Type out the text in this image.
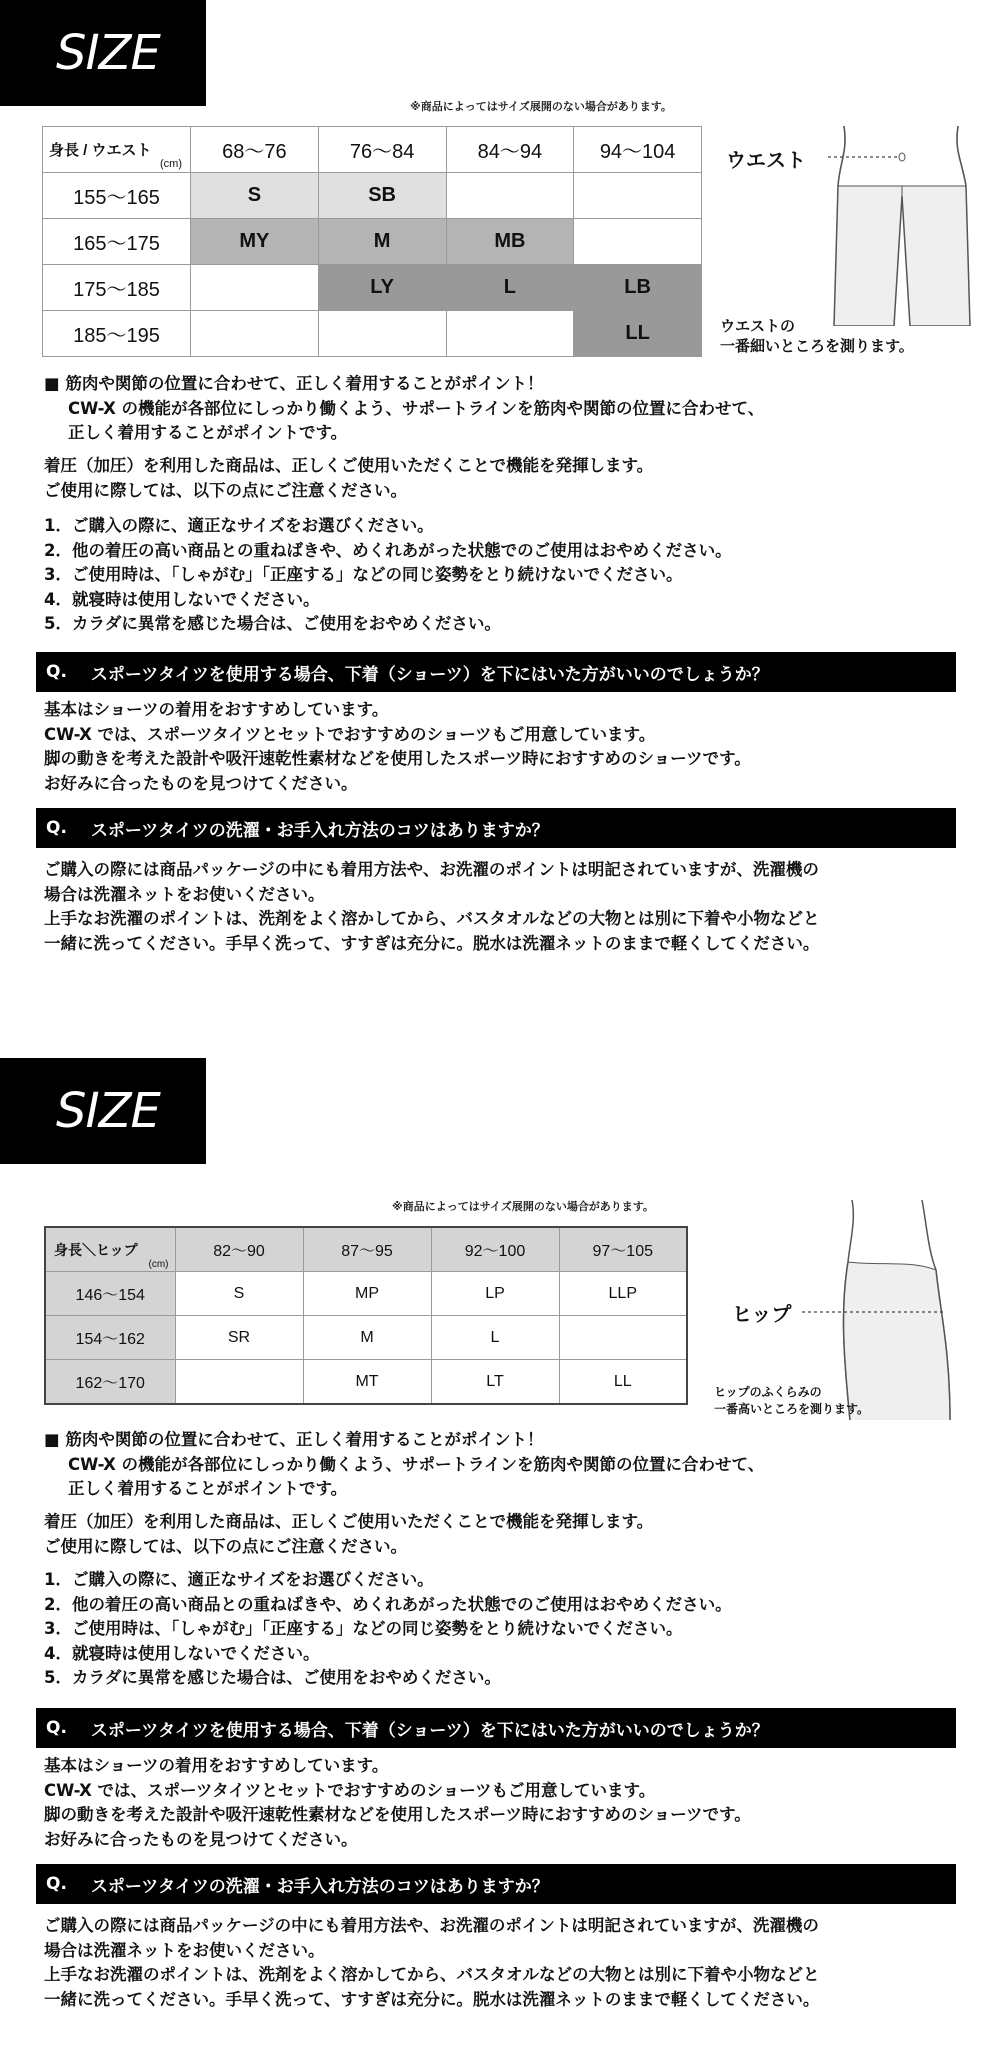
SIZE
※商品によってはサイズ展開のない場合があります。
身長 / ウエスト
(cm)	68〜76	76〜84	84〜94	94〜104
155〜165	S	SB		
165〜175	MY	M	MB	
175〜185		LY	L	LB
185〜195				LL
ウエスト
ウエストの
一番細いところを測ります。
■ 筋肉や関節の位置に合わせて、正しく着用することがポイント！
CW-X の機能が各部位にしっかり働くよう、サポートラインを筋肉や関節の位置に合わせて、
正しく着用することがポイントです。
着圧（加圧）を利用した商品は、正しくご使用いただくことで機能を発揮します。
ご使用に際しては、以下の点にご注意ください。
1．ご購入の際に、適正なサイズをお選びください。
2．他の着圧の高い商品との重ねばきや、めくれあがった状態でのご使用はおやめください。
3．ご使用時は、「しゃがむ」「正座する」などの同じ姿勢をとり続けないでください。
4．就寝時は使用しないでください。
5．カラダに異常を感じた場合は、ご使用をおやめください。
Q. スポーツタイツを使用する場合、下着（ショーツ）を下にはいた方がいいのでしょうか？
基本はショーツの着用をおすすめしています。
CW-X では、スポーツタイツとセットでおすすめのショーツもご用意しています。
脚の動きを考えた設計や吸汗速乾性素材などを使用したスポーツ時におすすめのショーツです。
お好みに合ったものを見つけてください。
Q. スポーツタイツの洗濯・お手入れ方法のコツはありますか？
ご購入の際には商品パッケージの中にも着用方法や、お洗濯のポイントは明記されていますが、洗濯機の
場合は洗濯ネットをお使いください。
上手なお洗濯のポイントは、洗剤をよく溶かしてから、バスタオルなどの大物とは別に下着や小物などと
一緒に洗ってください。手早く洗って、すすぎは充分に。脱水は洗濯ネットのままで軽くしてください。
SIZE
※商品によってはサイズ展開のない場合があります。
身長＼ヒップ
(cm)	82〜90	87〜95	92〜100	97〜105
146〜154	S	MP	LP	LLP
154〜162	SR	M	L	
162〜170		MT	LT	LL
ヒップ
ヒップのふくらみの
一番高いところを測ります。
■ 筋肉や関節の位置に合わせて、正しく着用することがポイント！
CW-X の機能が各部位にしっかり働くよう、サポートラインを筋肉や関節の位置に合わせて、
正しく着用することがポイントです。
着圧（加圧）を利用した商品は、正しくご使用いただくことで機能を発揮します。
ご使用に際しては、以下の点にご注意ください。
1．ご購入の際に、適正なサイズをお選びください。
2．他の着圧の高い商品との重ねばきや、めくれあがった状態でのご使用はおやめください。
3．ご使用時は、「しゃがむ」「正座する」などの同じ姿勢をとり続けないでください。
4．就寝時は使用しないでください。
5．カラダに異常を感じた場合は、ご使用をおやめください。
Q. スポーツタイツを使用する場合、下着（ショーツ）を下にはいた方がいいのでしょうか？
基本はショーツの着用をおすすめしています。
CW-X では、スポーツタイツとセットでおすすめのショーツもご用意しています。
脚の動きを考えた設計や吸汗速乾性素材などを使用したスポーツ時におすすめのショーツです。
お好みに合ったものを見つけてください。
Q. スポーツタイツの洗濯・お手入れ方法のコツはありますか？
ご購入の際には商品パッケージの中にも着用方法や、お洗濯のポイントは明記されていますが、洗濯機の
場合は洗濯ネットをお使いください。
上手なお洗濯のポイントは、洗剤をよく溶かしてから、バスタオルなどの大物とは別に下着や小物などと
一緒に洗ってください。手早く洗って、すすぎは充分に。脱水は洗濯ネットのままで軽くしてください。
